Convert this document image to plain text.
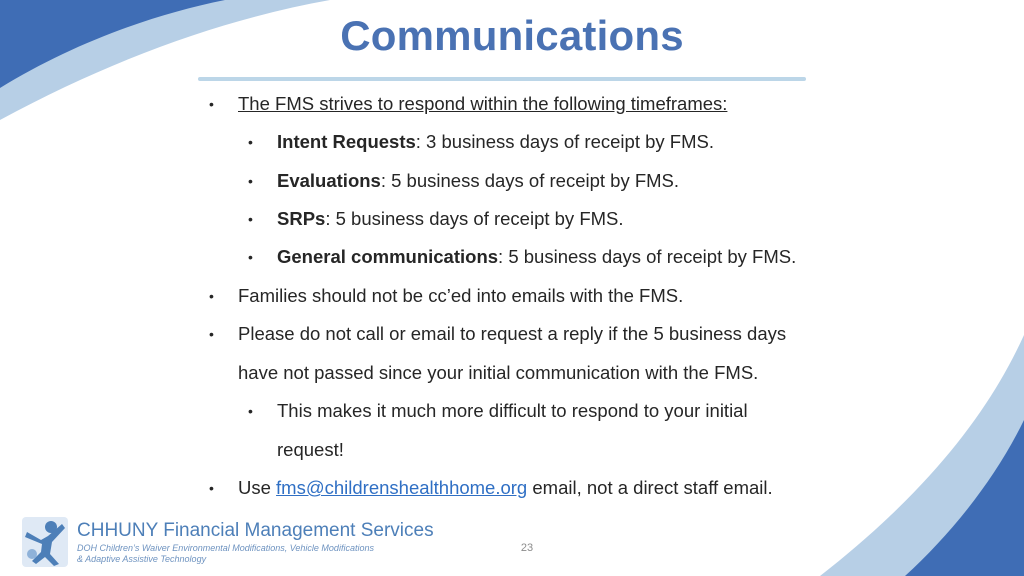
Communications
• The FMS strives to respond within the following timeframes:
• Intent Requests: 3 business days of receipt by FMS.
• Evaluations: 5 business days of receipt by FMS.
• SRPs: 5 business days of receipt by FMS.
• General communications: 5 business days of receipt by FMS.
• Families should not be cc’ed into emails with the FMS.
• Please do not call or email to request a reply if the 5 business days
have not passed since your initial communication with the FMS.
• This makes it much more difficult to respond to your initial
request!
• Use fms@childrenshealthhome.org email, not a direct staff email.
CHHUNY Financial Management Services
DOH Children’s Waiver Environmental Modifications, Vehicle Modifications
& Adaptive Assistive Technology
23
